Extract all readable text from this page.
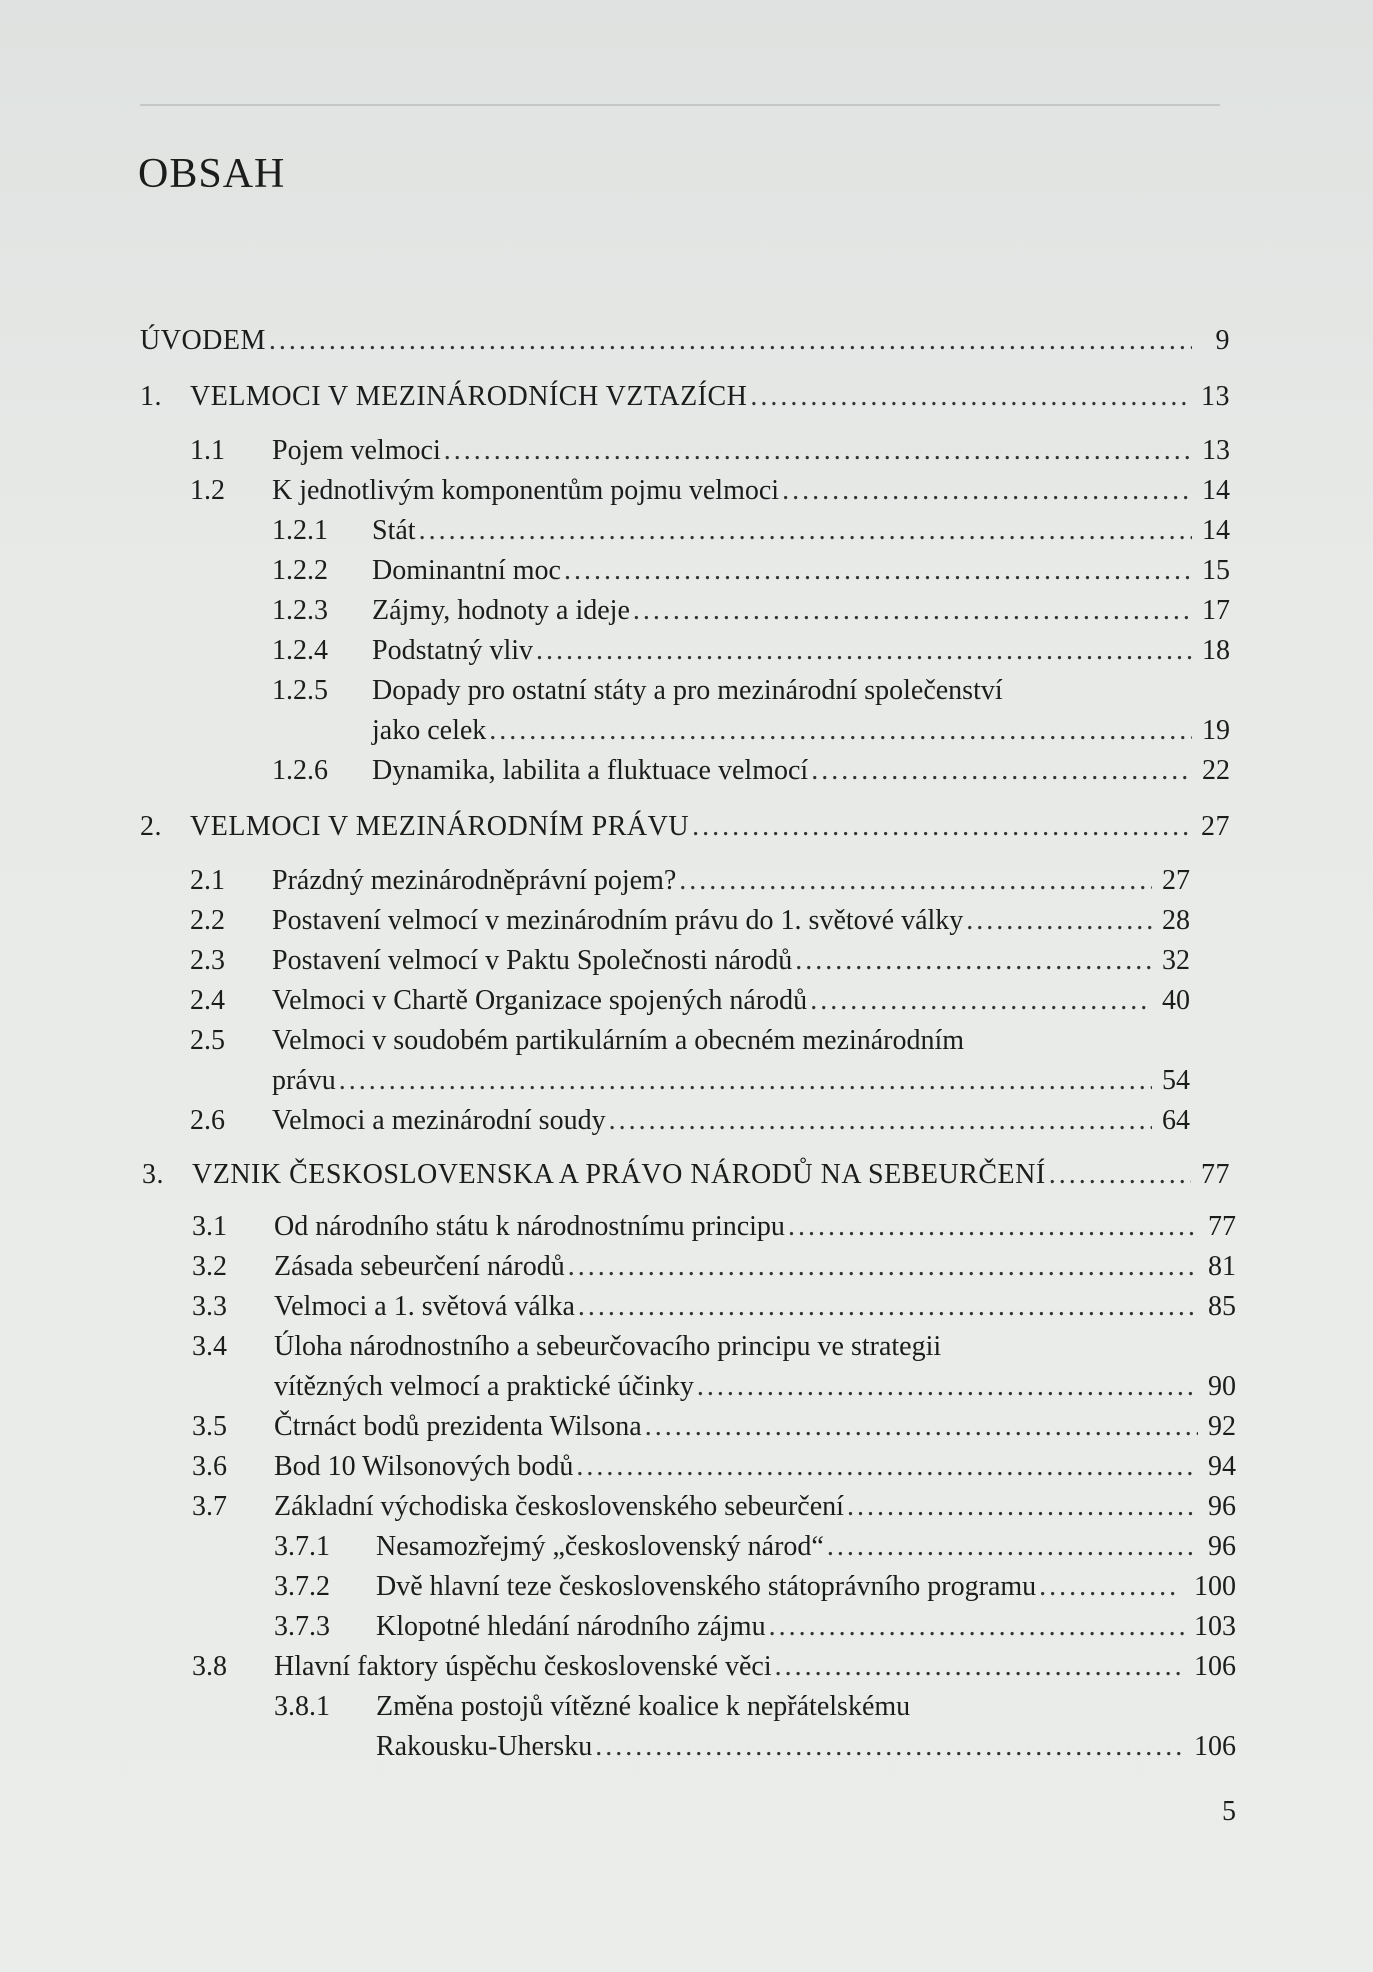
OBSAH
ÚVODEM .....	9
1. VELMOCI V MEZINÁRODNÍCH VZTAZÍCH .....	13
1.1 Pojem velmoci .....	13
1.2 K jednotlivým komponentům pojmu velmoci .....	14
1.2.1 Stát .....	14
1.2.2 Dominantní moc .....	15
1.2.3 Zájmy, hodnoty a ideje .....	17
1.2.4 Podstatný vliv .....	18
1.2.5 Dopady pro ostatní státy a pro mezinárodní společenství
jako celek .....	19
1.2.6 Dynamika, labilita a fluktuace velmocí .....	22
2. VELMOCI V MEZINÁRODNÍM PRÁVU .....	27
2.1 Prázdný mezinárodněprávní pojem? .....	27
2.2 Postavení velmocí v mezinárodním právu do 1. světové války .....	28
2.3 Postavení velmocí v Paktu Společnosti národů .....	32
2.4 Velmoci v Chartě Organizace spojených národů .....	40
2.5 Velmoci v soudobém partikulárním a obecném mezinárodním
právu .....	54
2.6 Velmoci a mezinárodní soudy .....	64
3. VZNIK ČESKOSLOVENSKA A PRÁVO NÁRODŮ NA SEBEURČENÍ .....	77
3.1 Od národního státu k národnostnímu principu .....	77
3.2 Zásada sebeurčení národů .....	81
3.3 Velmoci a 1. světová válka .....	85
3.4 Úloha národnostního a sebeurčovacího principu ve strategii
vítězných velmocí a praktické účinky .....	90
3.5 Čtrnáct bodů prezidenta Wilsona .....	92
3.6 Bod 10 Wilsonových bodů .....	94
3.7 Základní východiska československého sebeurčení .....	96
3.7.1 Nesamozřejmý „československý národ“ .....	96
3.7.2 Dvě hlavní teze československého státoprávního programu .....	100
3.7.3 Klopotné hledání národního zájmu .....	103
3.8 Hlavní faktory úspěchu československé věci .....	106
3.8.1 Změna postojů vítězné koalice k nepřátelskému
Rakousku-Uhersku .....	106
5
